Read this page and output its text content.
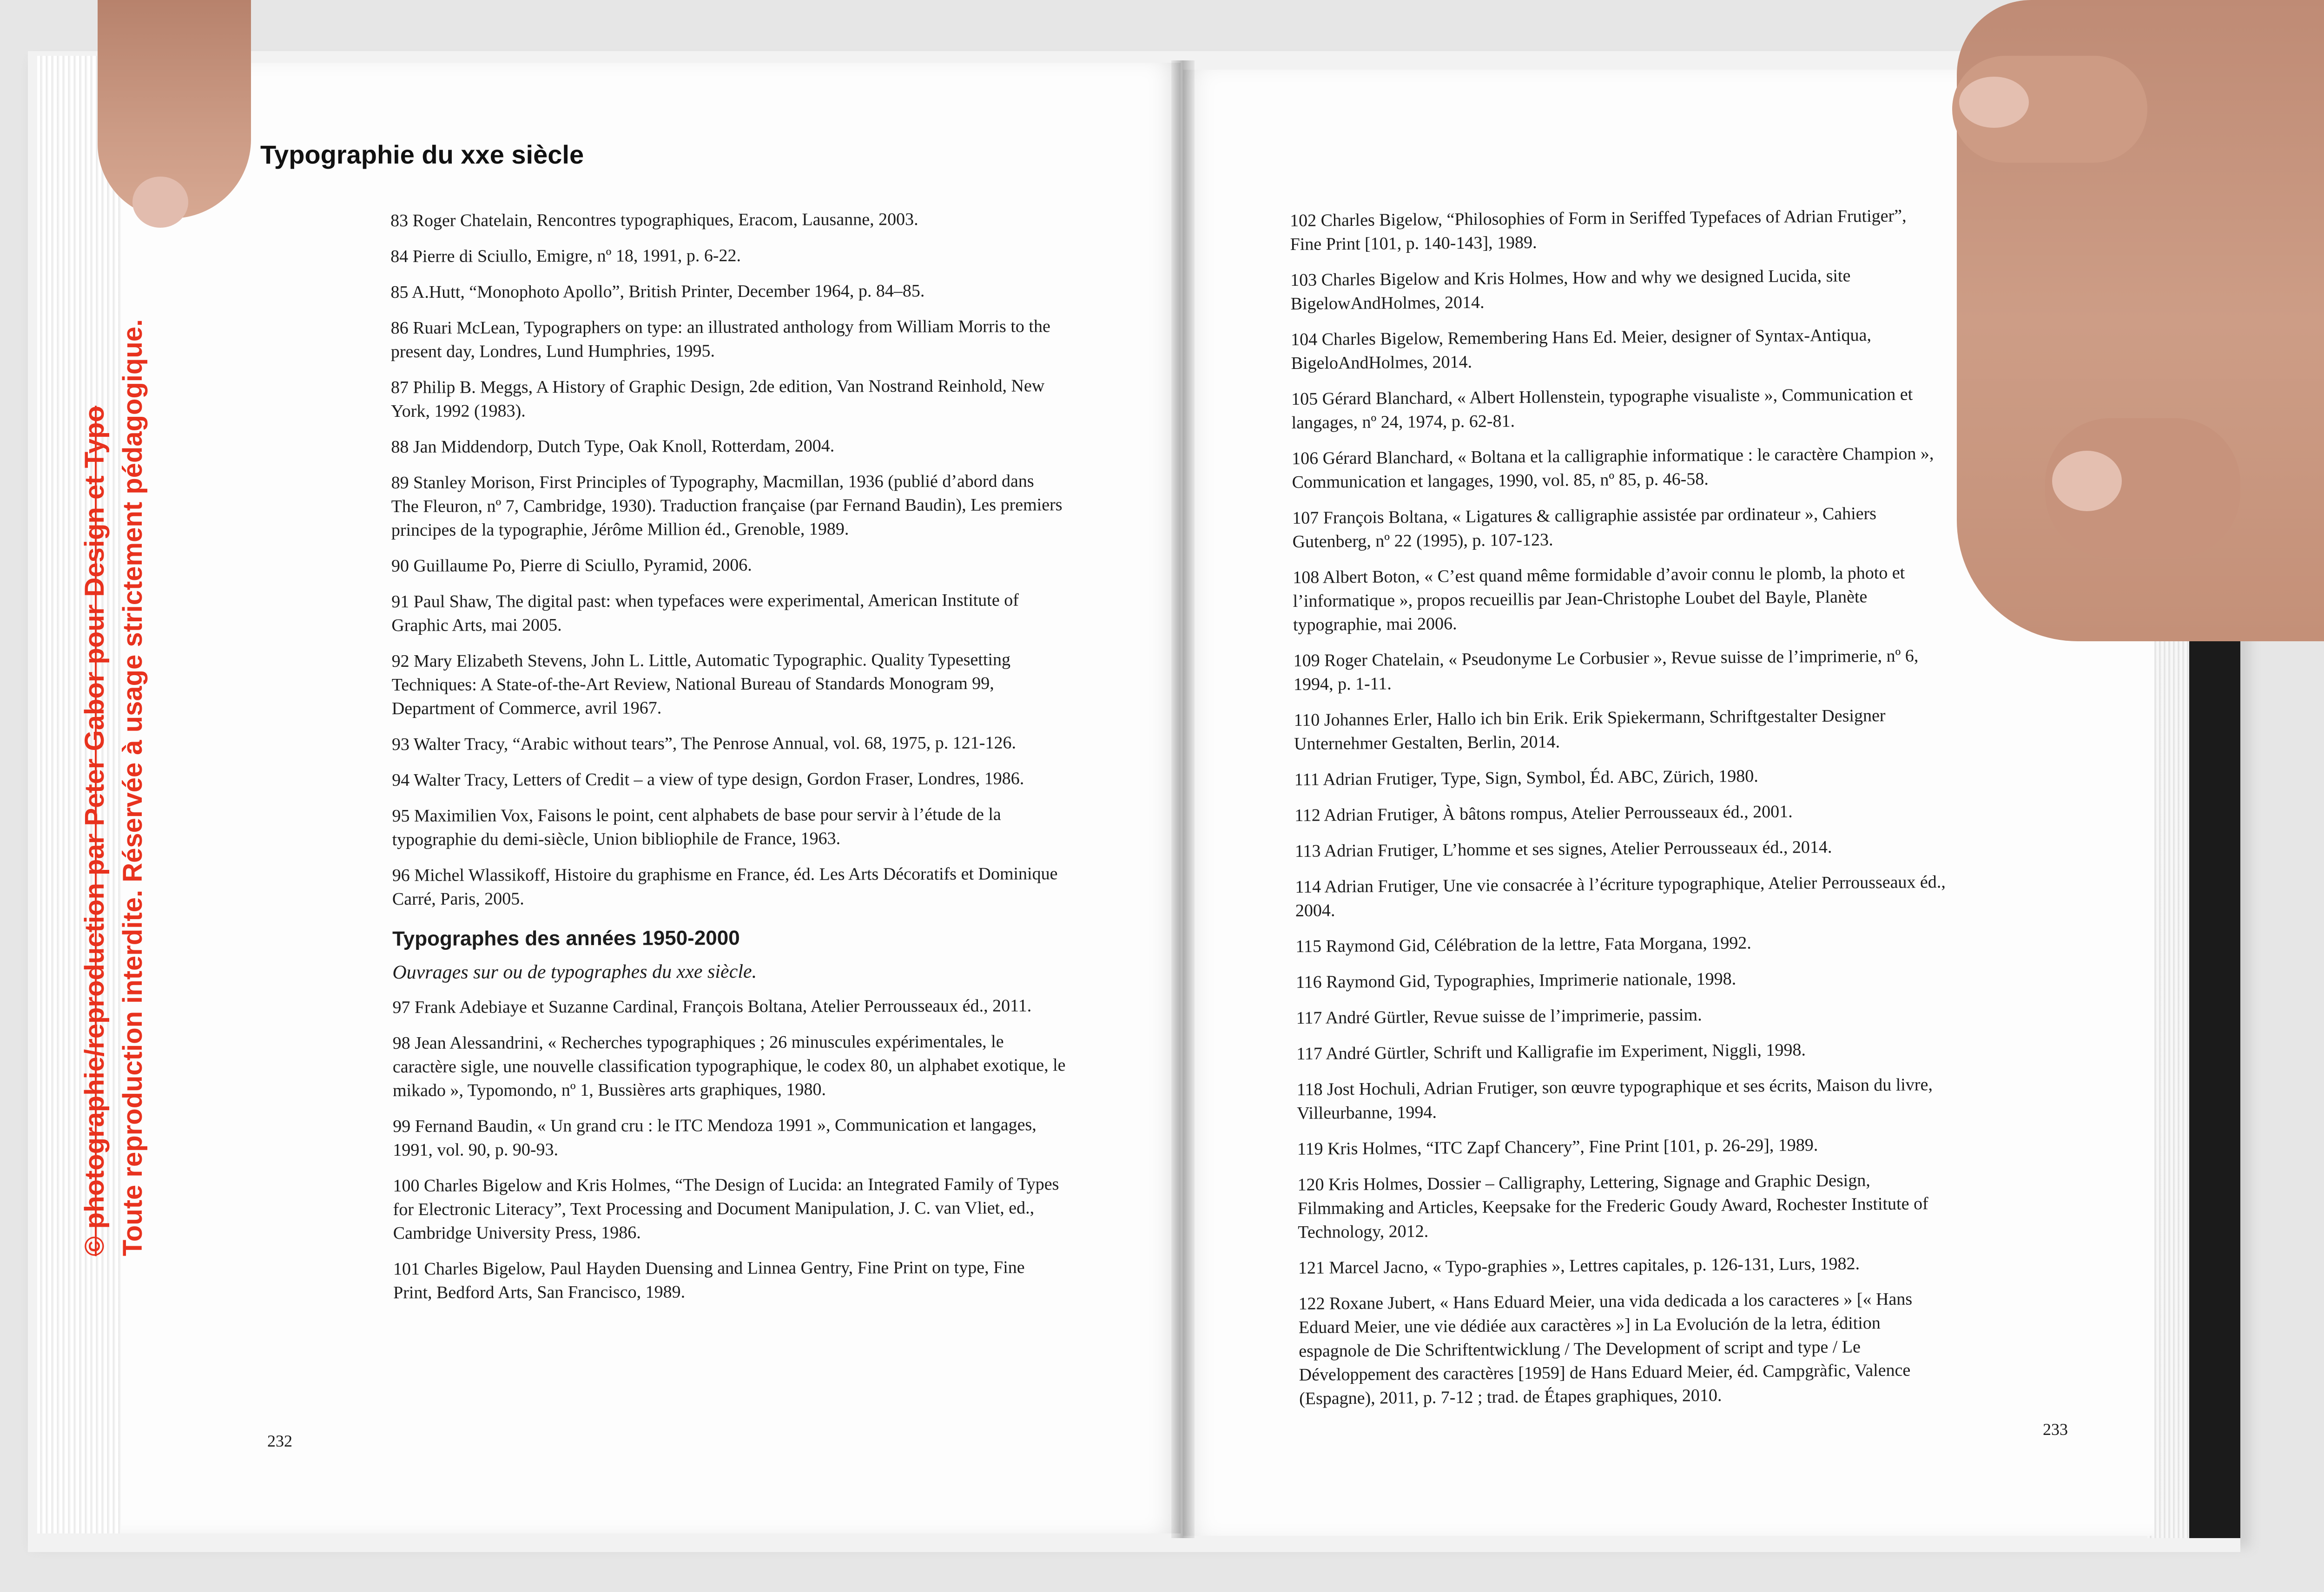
Typographie du xxe siècle

83 Roger Chatelain, Rencontres typographiques, Eracom, Lausanne, 2003.

84 Pierre di Sciullo, Emigre, nº 18, 1991, p. 6-22.

85 A.Hutt, “Monophoto Apollo”, British Printer, December 1964, p. 84–85.

86 Ruari McLean, Typographers on type: an illustrated anthology from William Morris to the present day, Londres, Lund Humphries, 1995.

87 Philip B. Meggs, A History of Graphic Design, 2de edition, Van Nostrand Reinhold, New York, 1992 (1983).

88 Jan Middendorp, Dutch Type, Oak Knoll, Rotterdam, 2004.

89 Stanley Morison, First Principles of Typography, Macmillan, 1936 (publié d’abord dans The Fleuron, nº 7, Cambridge, 1930). Traduction française (par Fernand Baudin), Les premiers principes de la typographie, Jérôme Million éd., Grenoble, 1989.

90 Guillaume Po, Pierre di Sciullo, Pyramid, 2006.

91 Paul Shaw, The digital past: when typefaces were experimental, American Institute of Graphic Arts, mai 2005.

92 Mary Elizabeth Stevens, John L. Little, Automatic Typographic. Quality Typesetting Techniques: A State-of-the-Art Review, National Bureau of Standards Monogram 99, Department of Commerce, avril 1967.

93 Walter Tracy, “Arabic without tears”, The Penrose Annual, vol. 68, 1975, p. 121-126.

94 Walter Tracy, Letters of Credit – a view of type design, Gordon Fraser, Londres, 1986.

95 Maximilien Vox, Faisons le point, cent alphabets de base pour servir à l’étude de la typographie du demi-siècle, Union bibliophile de France, 1963.

96 Michel Wlassikoff, Histoire du graphisme en France, éd. Les Arts Décoratifs et Dominique Carré, Paris, 2005.

Typographes des années 1950-2000
Ouvrages sur ou de typographes du xxe siècle.

97 Frank Adebiaye et Suzanne Cardinal, François Boltana, Atelier Perrousseaux éd., 2011.

98 Jean Alessandrini, « Recherches typographiques ; 26 minuscules expérimentales, le caractère sigle, une nouvelle classification typographique, le codex 80, un alphabet exotique, le mikado », Typomondo, nº 1, Bussières arts graphiques, 1980.

99 Fernand Baudin, « Un grand cru : le ITC Mendoza 1991 », Communication et langages, 1991, vol. 90, p. 90-93.

100 Charles Bigelow and Kris Holmes, “The Design of Lucida: an Integrated Family of Types for Electronic Literacy”, Text Processing and Document Manipulation, J. C. van Vliet, ed., Cambridge University Press, 1986.

101 Charles Bigelow, Paul Hayden Duensing and Linnea Gentry, Fine Print on type, Fine Print, Bedford Arts, San Francisco, 1989.

102 Charles Bigelow, “Philosophies of Form in Seriffed Typefaces of Adrian Frutiger”, Fine Print [101, p. 140-143], 1989.

103 Charles Bigelow and Kris Holmes, How and why we designed Lucida, site BigelowAndHolmes, 2014.

104 Charles Bigelow, Remembering Hans Ed. Meier, designer of Syntax-Antiqua, BigeloAndHolmes, 2014.

105 Gérard Blanchard, « Albert Hollenstein, typographe visualiste », Communication et langages, nº 24, 1974, p. 62-81.

106 Gérard Blanchard, « Boltana et la calligraphie informatique : le caractère Champion », Communication et langages, 1990, vol. 85, nº 85, p. 46-58.

107 François Boltana, « Ligatures & calligraphie assistée par ordinateur », Cahiers Gutenberg, nº 22 (1995), p. 107-123.

108 Albert Boton, « C’est quand même formidable d’avoir connu le plomb, la photo et l’informatique », propos recueillis par Jean-Christophe Loubet del Bayle, Planète typographie, mai 2006.

109 Roger Chatelain, « Pseudonyme Le Corbusier », Revue suisse de l’imprimerie, nº 6, 1994, p. 1-11.

110 Johannes Erler, Hallo ich bin Erik. Erik Spiekermann, Schriftgestalter Designer Unternehmer Gestalten, Berlin, 2014.

111 Adrian Frutiger, Type, Sign, Symbol, Éd. ABC, Zürich, 1980.

112 Adrian Frutiger, À bâtons rompus, Atelier Perrousseaux éd., 2001.

113 Adrian Frutiger, L’homme et ses signes, Atelier Perrousseaux éd., 2014.

114 Adrian Frutiger, Une vie consacrée à l’écriture typographique, Atelier Perrousseaux éd., 2004.

115 Raymond Gid, Célébration de la lettre, Fata Morgana, 1992.

116 Raymond Gid, Typographies, Imprimerie nationale, 1998.

117 André Gürtler, Revue suisse de l’imprimerie, passim.

117 André Gürtler, Schrift und Kalligrafie im Experiment, Niggli, 1998.

118 Jost Hochuli, Adrian Frutiger, son œuvre typographique et ses écrits, Maison du livre, Villeurbanne, 1994.

119 Kris Holmes, “ITC Zapf Chancery”, Fine Print [101, p. 26-29], 1989.

120 Kris Holmes, Dossier – Calligraphy, Lettering, Signage and Graphic Design, Filmmaking and Articles, Keepsake for the Frederic Goudy Award, Rochester Institute of Technology, 2012.

121 Marcel Jacno, « Typo-graphies », Lettres capitales, p. 126-131, Lurs, 1982.

122 Roxane Jubert, « Hans Eduard Meier, una vida dedicada a los caracteres » [« Hans Eduard Meier, une vie dédiée aux caractères »] in La Evolución de la letra, édition espagnole de Die Schriftentwicklung / The Development of script and type / Le Développement des caractères [1959] de Hans Eduard Meier, éd. Campgràfic, Valence (Espagne), 2011, p. 7-12 ; trad. de Étapes graphiques, 2010.

232
233
© photographie/reproduction par Peter Gabor pour Design et Typo Toute reproduction interdite. Réservée à usage strictement pédagogique.
